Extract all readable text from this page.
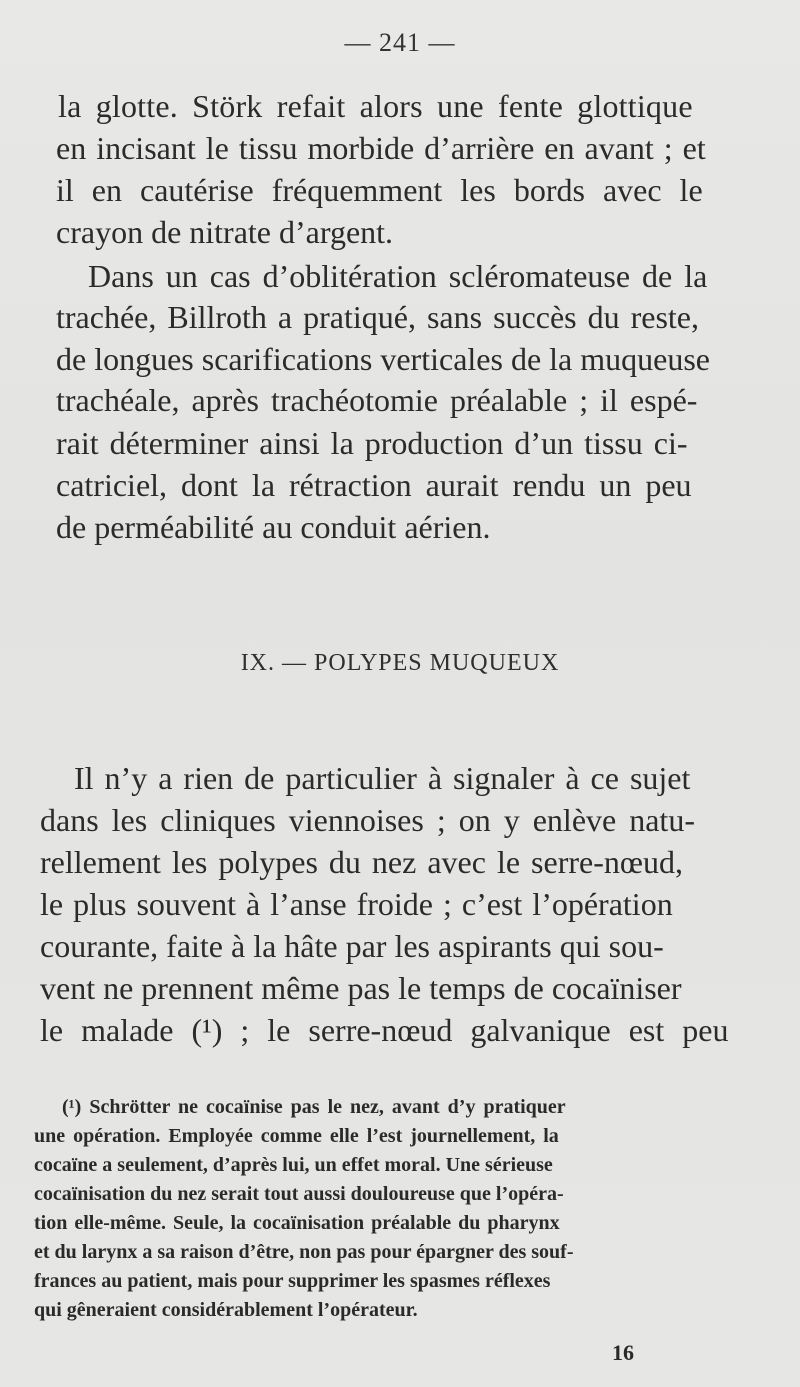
— 241 —
la glotte. Störk refait alors une fente glottique
en incisant le tissu morbide d’arrière en avant ; et
il en cautérise fréquemment les bords avec le
crayon de nitrate d’argent.
Dans un cas d’oblitération scléromateuse de la
trachée, Billroth a pratiqué, sans succès du reste,
de longues scarifications verticales de la muqueuse
trachéale, après trachéotomie préalable ; il espé-
rait déterminer ainsi la production d’un tissu ci-
catriciel, dont la rétraction aurait rendu un peu
de perméabilité au conduit aérien.
IX. — POLYPES MUQUEUX
Il n’y a rien de particulier à signaler à ce sujet
dans les cliniques viennoises ; on y enlève natu-
rellement les polypes du nez avec le serre-nœud,
le plus souvent à l’anse froide ; c’est l’opération
courante, faite à la hâte par les aspirants qui sou-
vent ne prennent même pas le temps de cocaïniser
le malade (¹) ; le serre-nœud galvanique est peu
(¹) Schrötter ne cocaïnise pas le nez, avant d’y pratiquer
une opération. Employée comme elle l’est journellement, la
cocaïne a seulement, d’après lui, un effet moral. Une sérieuse
cocaïnisation du nez serait tout aussi douloureuse que l’opéra-
tion elle-même. Seule, la cocaïnisation préalable du pharynx
et du larynx a sa raison d’être, non pas pour épargner des souf-
frances au patient, mais pour supprimer les spasmes réflexes
qui gêneraient considérablement l’opérateur.
16
